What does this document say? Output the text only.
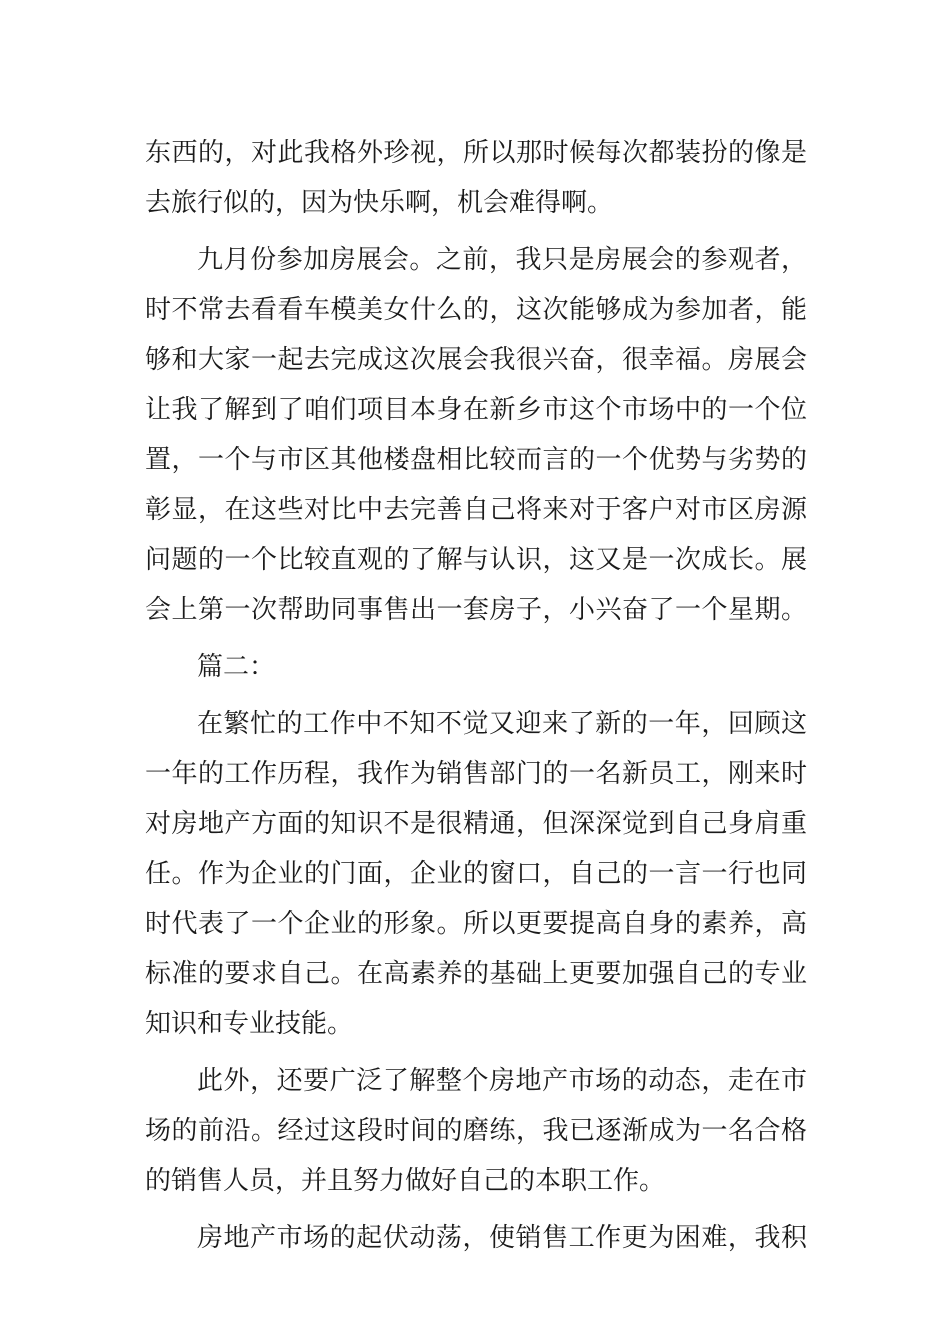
东西的，对此我格外珍视，所以那时候每次都装扮的像是
去旅行似的，因为快乐啊，机会难得啊。
九月份参加房展会。之前，我只是房展会的参观者，
时不常去看看车模美女什么的，这次能够成为参加者，能
够和大家一起去完成这次展会我很兴奋，很幸福。房展会
让我了解到了咱们项目本身在新乡市这个市场中的一个位
置，一个与市区其他楼盘相比较而言的一个优势与劣势的
彰显，在这些对比中去完善自己将来对于客户对市区房源
问题的一个比较直观的了解与认识，这又是一次成长。展
会上第一次帮助同事售出一套房子，小兴奋了一个星期。
篇二：
在繁忙的工作中不知不觉又迎来了新的一年，回顾这
一年的工作历程，我作为销售部门的一名新员工，刚来时
对房地产方面的知识不是很精通，但深深觉到自己身肩重
任。作为企业的门面，企业的窗口，自己的一言一行也同
时代表了一个企业的形象。所以更要提高自身的素养，高
标准的要求自己。在高素养的基础上更要加强自己的专业
知识和专业技能。
此外，还要广泛了解整个房地产市场的动态，走在市
场的前沿。经过这段时间的磨练，我已逐渐成为一名合格
的销售人员，并且努力做好自己的本职工作。
房地产市场的起伏动荡，使销售工作更为困难，我积
